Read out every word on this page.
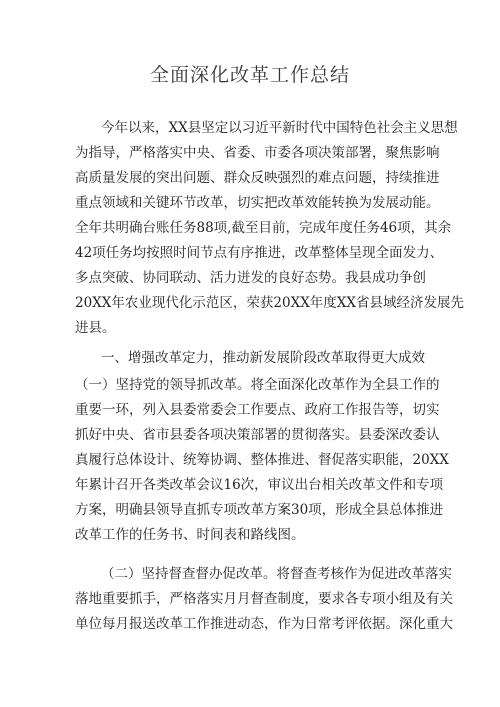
全面深化改革工作总结
今年以来，XX县坚定以习近平新时代中国特色社会主义思想
为指导，严格落实中央、省委、市委各项决策部署，聚焦影响
高质量发展的突出问题、群众反映强烈的难点问题，持续推进
重点领域和关键环节改革，切实把改革效能转换为发展动能。
全年共明确台账任务88项,截至目前，完成年度任务46项，其余
42项任务均按照时间节点有序推进，改革整体呈现全面发力、
多点突破、协同联动、活力迸发的良好态势。我县成功争创
20XX年农业现代化示范区，荣获20XX年度XX省县域经济发展先
进县。
一、增强改革定力，推动新发展阶段改革取得更大成效
（一）坚持党的领导抓改革。将全面深化改革作为全县工作的
重要一环，列入县委常委会工作要点、政府工作报告等，切实
抓好中央、省市县委各项决策部署的贯彻落实。县委深改委认
真履行总体设计、统筹协调、整体推进、督促落实职能，20XX
年累计召开各类改革会议16次，审议出台相关改革文件和专项
方案，明确县领导直抓专项改革方案30项，形成全县总体推进
改革工作的任务书、时间表和路线图。
（二）坚持督查督办促改革。将督查考核作为促进改革落实
落地重要抓手，严格落实月月督查制度，要求各专项小组及有关
单位每月报送改革工作推进动态，作为日常考评依据。深化重大
